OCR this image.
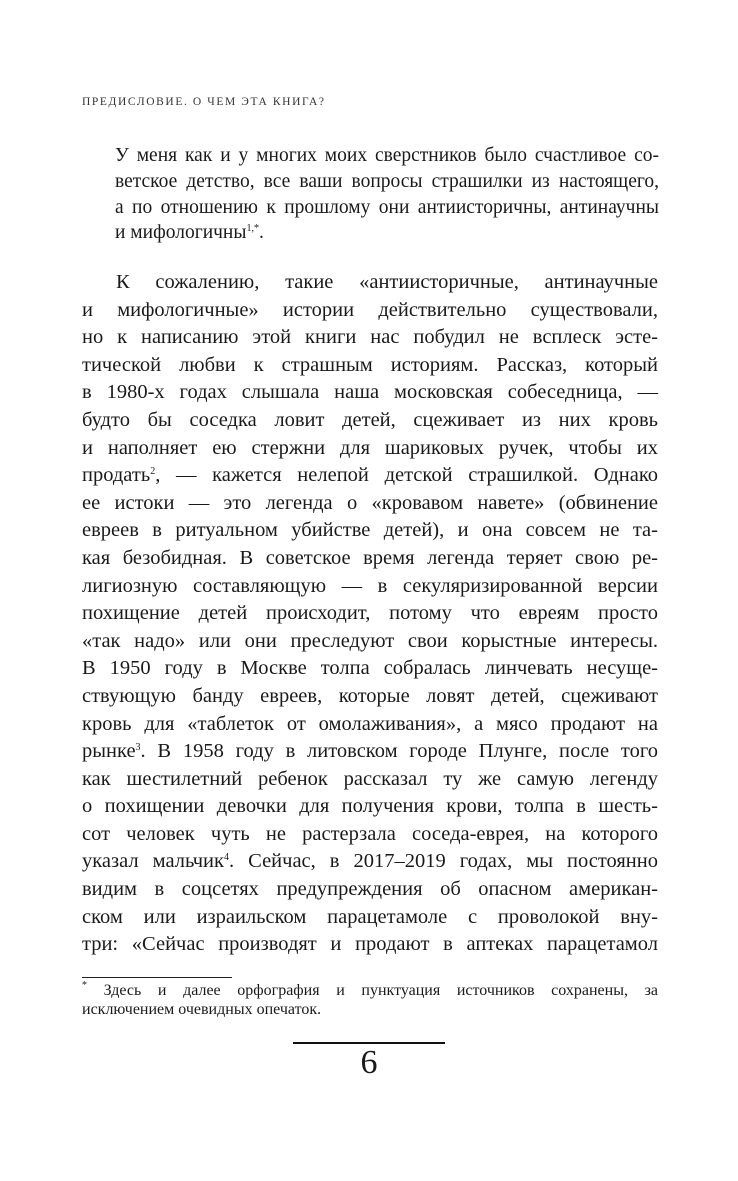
ПРЕДИСЛОВИЕ. О ЧЕМ ЭТА КНИГА?
У меня как и у многих моих сверстников было счастливое со-
ветское детство, все ваши вопросы страшилки из настоящего,
а по отношению к прошлому они антиисторичны, антинаучны
и мифологичны$^{1,*}$.
К сожалению, такие «антиисторичные, антинаучные
и мифологичные» истории действительно существовали,
но к написанию этой книги нас побудил не всплеск эсте-
тической любви к страшным историям. Рассказ, который
в 1980-х годах слышала наша московская собеседница, —
будто бы соседка ловит детей, сцеживает из них кровь
и наполняет ею стержни для шариковых ручек, чтобы их
продать$^2$, — кажется нелепой детской страшилкой. Однако
ее истоки — это легенда о «кровавом навете» (обвинение
евреев в ритуальном убийстве детей), и она совсем не та-
кая безобидная. В советское время легенда теряет свою ре-
лигиозную составляющую — в секуляризированной версии
похищение детей происходит, потому что евреям просто
«так надо» или они преследуют свои корыстные интересы.
В 1950 году в Москве толпа собралась линчевать несуще-
ствующую банду евреев, которые ловят детей, сцеживают
кровь для «таблеток от омолаживания», а мясо продают на
рынке$^3$. В 1958 году в литовском городе Плунге, после того
как шестилетний ребенок рассказал ту же самую легенду
о похищении девочки для получения крови, толпа в шесть-
сот человек чуть не растерзала соседа-еврея, на которого
указал мальчик$^4$. Сейчас, в 2017–2019 годах, мы постоянно
видим в соцсетях предупреждения об опасном американ-
ском или израильском парацетамоле с проволокой вну-
три: «Сейчас производят и продают в аптеках парацетамол
* Здесь и далее орфография и пунктуация источников сохранены, за
исключением очевидных опечаток.
6
